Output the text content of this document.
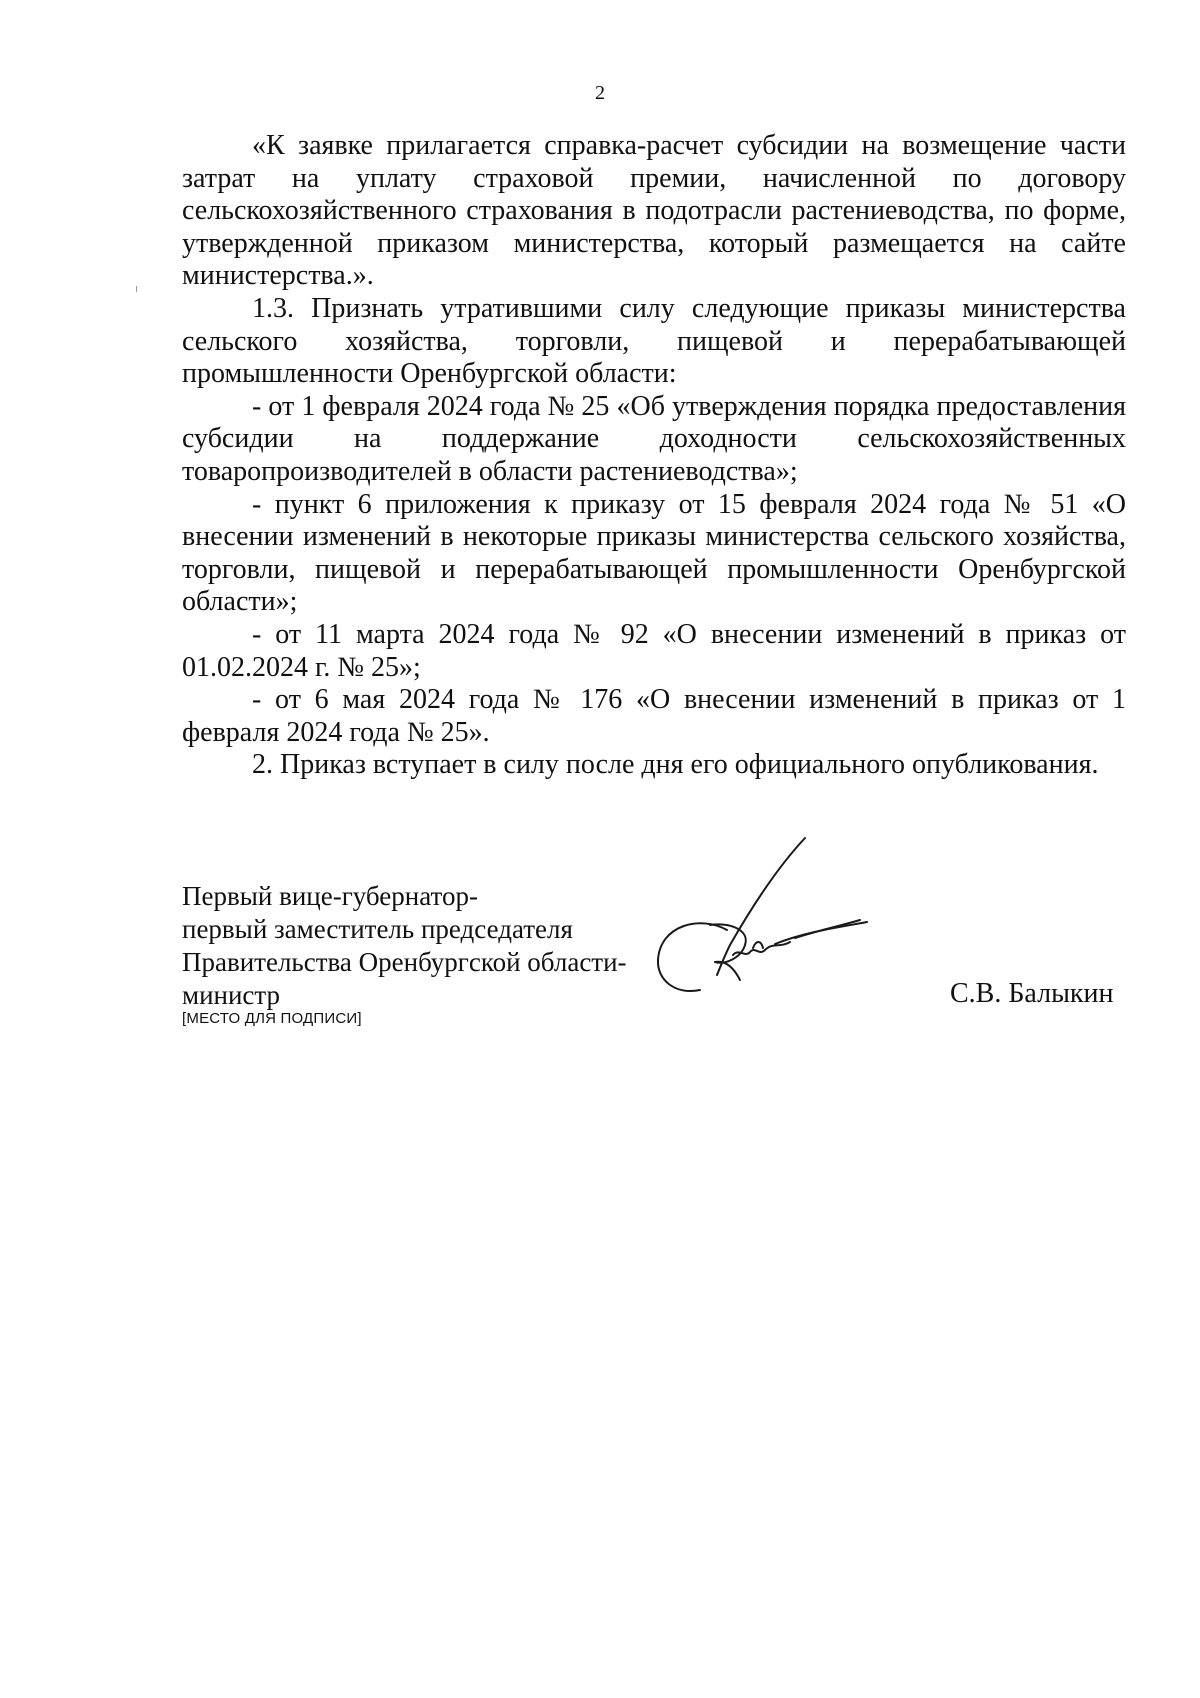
2

«К заявке прилагается справка-расчет субсидии на возмещение части затрат на уплату страховой премии, начисленной по договору сельскохозяйственного страхования в подотрасли растениеводства, по форме, утвержденной приказом министерства, который размещается на сайте министерства.».

1.3. Признать утратившими силу следующие приказы министерства сельского хозяйства, торговли, пищевой и перерабатывающей промышленности Оренбургской области:

- от 1 февраля 2024 года № 25 «Об утверждения порядка предоставления субсидии на поддержание доходности сельскохозяйственных товаропроизводителей в области растениеводства»;

- пункт 6 приложения к приказу от 15 февраля 2024 года № 51 «О внесении изменений в некоторые приказы министерства сельского хозяйства, торговли, пищевой и перерабатывающей промышленности Оренбургской области»;

- от 11 марта 2024 года № 92 «О внесении изменений в приказ от 01.02.2024 г. № 25»;

- от 6 мая 2024 года № 176 «О внесении изменений в приказ от 1 февраля 2024 года № 25».

2. Приказ вступает в силу после дня его официального опубликования.

Первый вице-губернатор-
первый заместитель председателя
Правительства Оренбургской области-
министр
[МЕСТО ДЛЯ ПОДПИСИ]
С.В. Балыкин
